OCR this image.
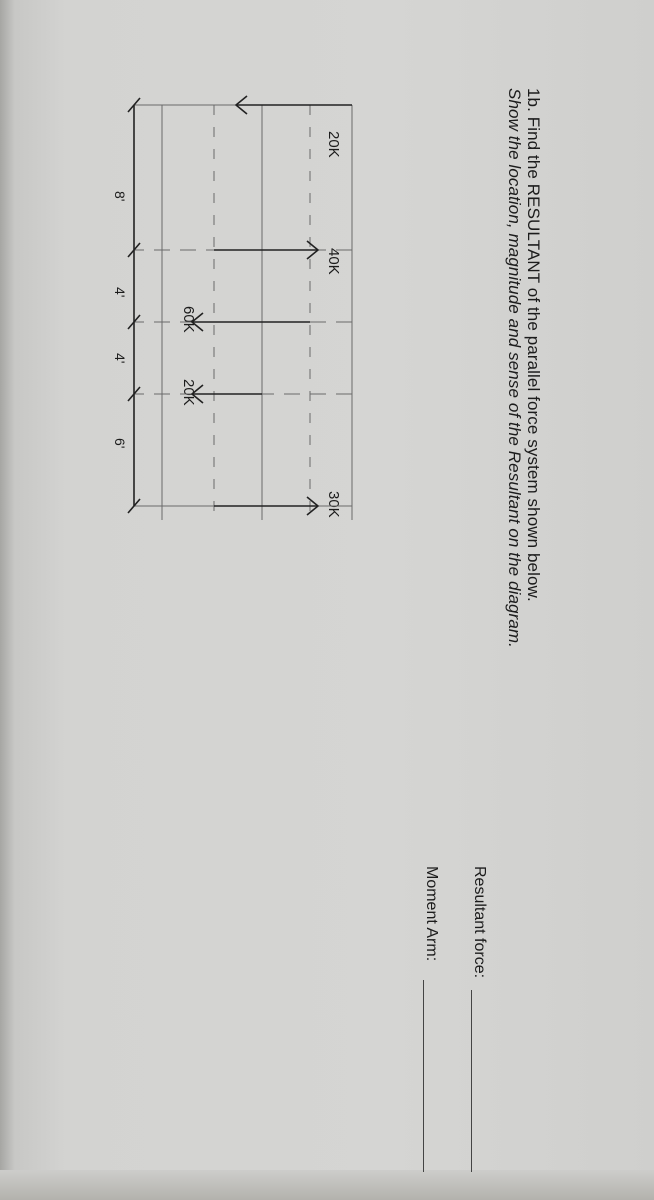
1b. Find the RESULTANT of the parallel force system shown below.
Show the location, magnitude and sense of the Resultant on the diagram.
Resultant force:
Moment Arm:
20K
40K
60K
20K
30K
8'
4'
4'
6'
